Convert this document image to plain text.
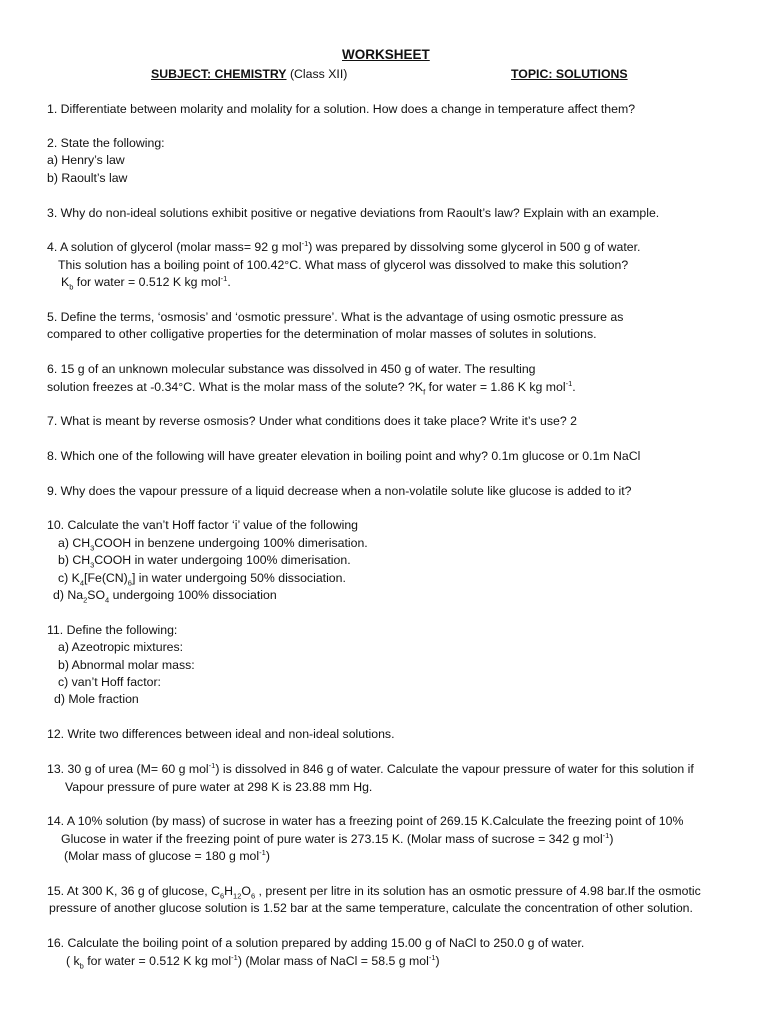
WORKSHEET
SUBJECT: CHEMISTRY (Class XII)	TOPIC: SOLUTIONS
1. Differentiate between molarity and molality for a solution. How does a change in temperature affect them?
2. State the following:
a) Henry’s law
b) Raoult’s law
3. Why do non-ideal solutions exhibit positive or negative deviations from Raoult’s law? Explain with an example.
4. A solution of glycerol (molar mass= 92 g mol$^{-1}$) was prepared by dissolving some glycerol in 500 g of water.
This solution has a boiling point of 100.42°C. What mass of glycerol was dissolved to make this solution?
$K_b$ for water = 0.512 K kg mol$^{-1}$.
5. Define the terms, ‘osmosis’ and ‘osmotic pressure’. What is the advantage of using osmotic pressure as
compared to other colligative properties for the determination of molar masses of solutes in solutions.
6. 15 g of an unknown molecular substance was dissolved in 450 g of water. The resulting
solution freezes at -0.34°C. What is the molar mass of the solute? $?K_f$ for water = 1.86 K kg mol$^{-1}$.
7. What is meant by reverse osmosis? Under what conditions does it take place? Write it’s use? 2
8. Which one of the following will have greater elevation in boiling point and why? 0.1m glucose or 0.1m NaCl
9. Why does the vapour pressure of a liquid decrease when a non-volatile solute like glucose is added to it?
10. Calculate the van’t Hoff factor ‘i’ value of the following
a) $CH_3COOH$ in benzene undergoing 100% dimerisation.
b) $CH_3COOH$ in water undergoing 100% dimerisation.
c) $K_4[Fe(CN)_6]$ in water undergoing 50% dissociation.
d) $Na_2SO_4$ undergoing 100% dissociation
11. Define the following:
a) Azeotropic mixtures:
b) Abnormal molar mass:
c) van’t Hoff factor:
d) Mole fraction
12. Write two differences between ideal and non-ideal solutions.
13. 30 g of urea (M= 60 g mol$^{-1}$) is dissolved in 846 g of water. Calculate the vapour pressure of water for this solution if
Vapour pressure of pure water at 298 K is 23.88 mm Hg.
14. A 10% solution (by mass) of sucrose in water has a freezing point of 269.15 K.Calculate the freezing point of 10%
Glucose in water if the freezing point of pure water is 273.15 K. (Molar mass of sucrose = 342 g mol$^{-1}$)
(Molar mass of glucose = 180 g mol$^{-1}$)
15. At 300 K, 36 g of glucose, $C_6H_{12}O_6$ , present per litre in its solution has an osmotic pressure of 4.98 bar.If the osmotic
pressure of another glucose solution is 1.52 bar at the same temperature, calculate the concentration of other solution.
16. Calculate the boiling point of a solution prepared by adding 15.00 g of NaCl to 250.0 g of water.
( $k_b$ for water = 0.512 K kg mol$^{-1}$) (Molar mass of NaCl = 58.5 g mol$^{-1}$)
